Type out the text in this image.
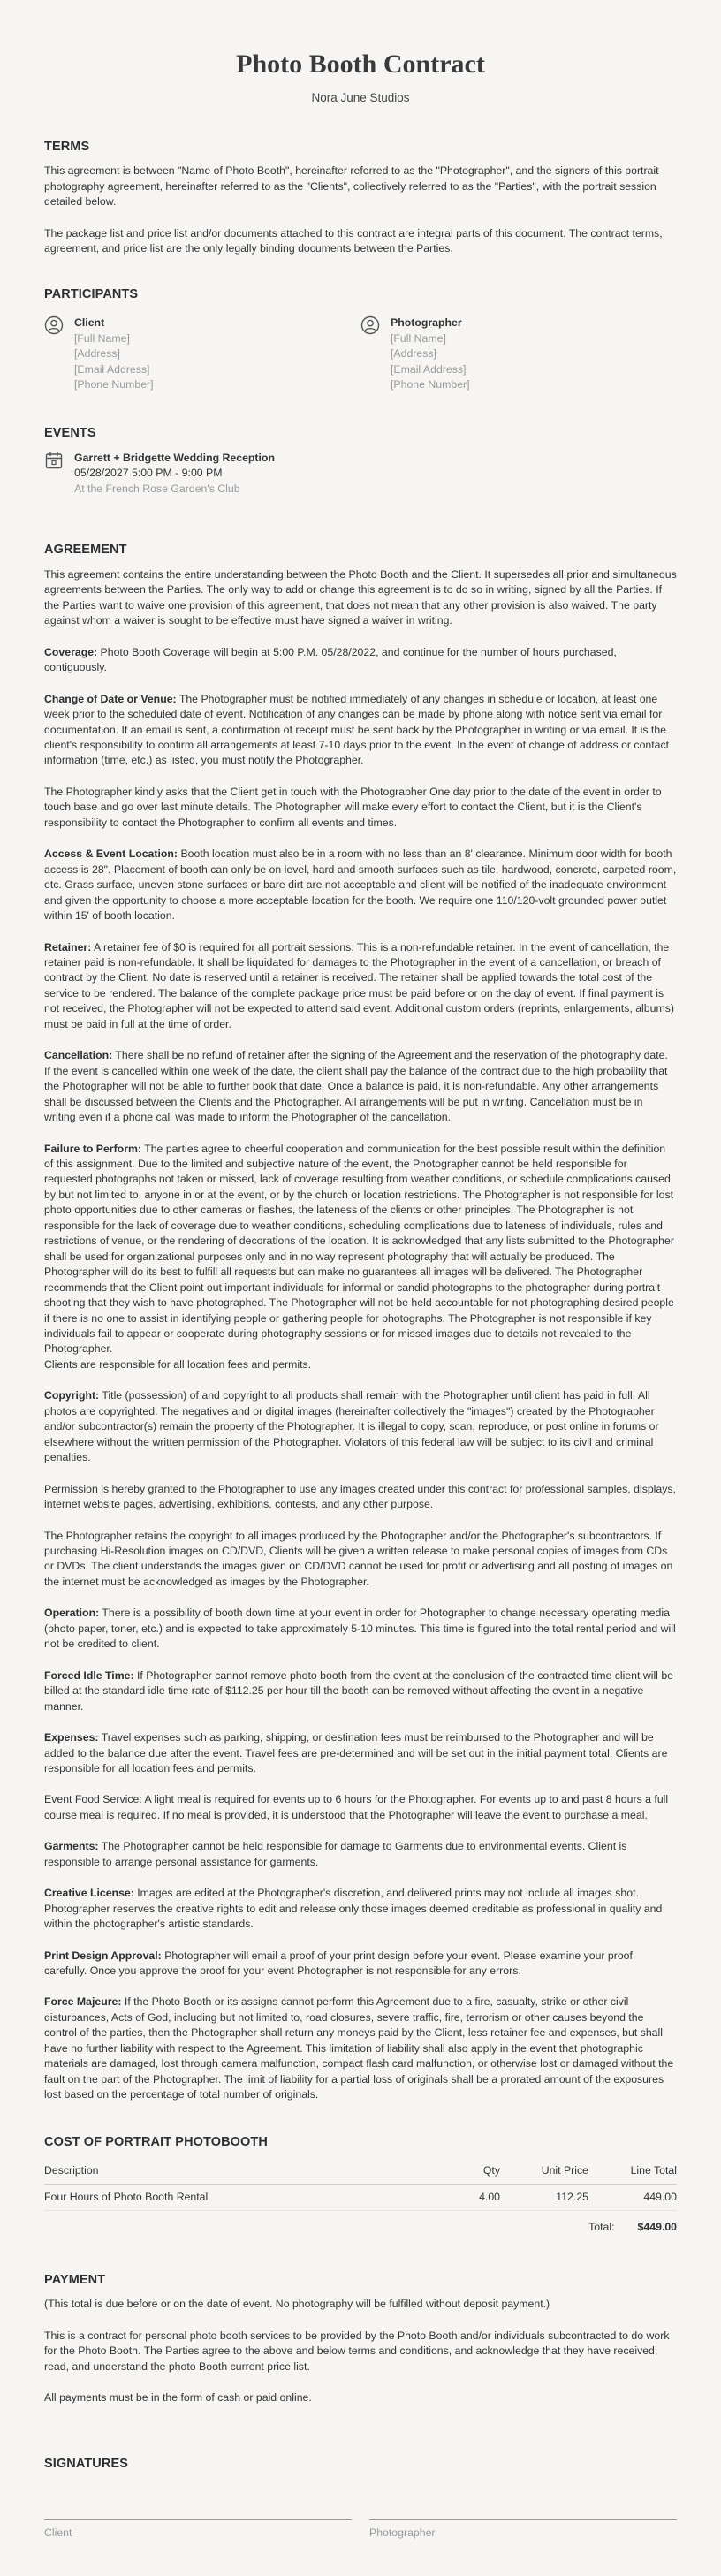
Photo Booth Contract
Nora June Studios
TERMS

This agreement is between "Name of Photo Booth", hereinafter referred to as the "Photographer", and the signers of this portrait photography agreement, hereinafter referred to as the "Clients", collectively referred to as the "Parties", with the portrait session detailed below.

The package list and price list and/or documents attached to this contract are integral parts of this document. The contract terms, agreement, and price list are the only legally binding documents between the Parties.

PARTICIPANTS
Client
[Full Name]
[Address]
[Email Address]
[Phone Number]
Photographer
[Full Name]
[Address]
[Email Address]
[Phone Number]
EVENTS
Garrett + Bridgette Wedding Reception
05/28/2027 5:00 PM - 9:00 PM
At the French Rose Garden's Club
AGREEMENT

This agreement contains the entire understanding between the Photo Booth and the Client. It supersedes all prior and simultaneous agreements between the Parties. The only way to add or change this agreement is to do so in writing, signed by all the Parties. If the Parties want to waive one provision of this agreement, that does not mean that any other provision is also waived. The party against whom a waiver is sought to be effective must have signed a waiver in writing.

Coverage: Photo Booth Coverage will begin at 5:00 P.M. 05/28/2022, and continue for the number of hours purchased, contiguously.

Change of Date or Venue: The Photographer must be notified immediately of any changes in schedule or location, at least one week prior to the scheduled date of event. Notification of any changes can be made by phone along with notice sent via email for documentation. If an email is sent, a confirmation of receipt must be sent back by the Photographer in writing or via email. It is the client's responsibility to confirm all arrangements at least 7-10 days prior to the event. In the event of change of address or contact information (time, etc.) as listed, you must notify the Photographer.

The Photographer kindly asks that the Client get in touch with the Photographer One day prior to the date of the event in order to touch base and go over last minute details. The Photographer will make every effort to contact the Client, but it is the Client's responsibility to contact the Photographer to confirm all events and times.

Access & Event Location: Booth location must also be in a room with no less than an 8' clearance. Minimum door width for booth access is 28". Placement of booth can only be on level, hard and smooth surfaces such as tile, hardwood, concrete, carpeted room, etc. Grass surface, uneven stone surfaces or bare dirt are not acceptable and client will be notified of the inadequate environment and given the opportunity to choose a more acceptable location for the booth. We require one 110/120-volt grounded power outlet within 15' of booth location.

Retainer: A retainer fee of $0 is required for all portrait sessions. This is a non-refundable retainer. In the event of cancellation, the retainer paid is non-refundable. It shall be liquidated for damages to the Photographer in the event of a cancellation, or breach of contract by the Client. No date is reserved until a retainer is received. The retainer shall be applied towards the total cost of the service to be rendered. The balance of the complete package price must be paid before or on the day of event. If final payment is not received, the Photographer will not be expected to attend said event. Additional custom orders (reprints, enlargements, albums) must be paid in full at the time of order.

Cancellation: There shall be no refund of retainer after the signing of the Agreement and the reservation of the photography date. If the event is cancelled within one week of the date, the client shall pay the balance of the contract due to the high probability that the Photographer will not be able to further book that date. Once a balance is paid, it is non-refundable. Any other arrangements shall be discussed between the Clients and the Photographer. All arrangements will be put in writing. Cancellation must be in writing even if a phone call was made to inform the Photographer of the cancellation.

Failure to Perform: The parties agree to cheerful cooperation and communication for the best possible result within the definition of this assignment. Due to the limited and subjective nature of the event, the Photographer cannot be held responsible for requested photographs not taken or missed, lack of coverage resulting from weather conditions, or schedule complications caused by but not limited to, anyone in or at the event, or by the church or location restrictions. The Photographer is not responsible for lost photo opportunities due to other cameras or flashes, the lateness of the clients or other principles. The Photographer is not responsible for the lack of coverage due to weather conditions, scheduling complications due to lateness of individuals, rules and restrictions of venue, or the rendering of decorations of the location. It is acknowledged that any lists submitted to the Photographer shall be used for organizational purposes only and in no way represent photography that will actually be produced. The Photographer will do its best to fulfill all requests but can make no guarantees all images will be delivered. The Photographer recommends that the Client point out important individuals for informal or candid photographs to the photographer during portrait shooting that they wish to have photographed. The Photographer will not be held accountable for not photographing desired people if there is no one to assist in identifying people or gathering people for photographs. The Photographer is not responsible if key individuals fail to appear or cooperate during photography sessions or for missed images due to details not revealed to the Photographer.
Clients are responsible for all location fees and permits.

Copyright: Title (possession) of and copyright to all products shall remain with the Photographer until client has paid in full. All photos are copyrighted. The negatives and or digital images (hereinafter collectively the "images") created by the Photographer and/or subcontractor(s) remain the property of the Photographer. It is illegal to copy, scan, reproduce, or post online in forums or elsewhere without the written permission of the Photographer. Violators of this federal law will be subject to its civil and criminal penalties.

Permission is hereby granted to the Photographer to use any images created under this contract for professional samples, displays, internet website pages, advertising, exhibitions, contests, and any other purpose.

The Photographer retains the copyright to all images produced by the Photographer and/or the Photographer's subcontractors. If purchasing Hi-Resolution images on CD/DVD, Clients will be given a written release to make personal copies of images from CDs or DVDs. The client understands the images given on CD/DVD cannot be used for profit or advertising and all posting of images on the internet must be acknowledged as images by the Photographer.

Operation: There is a possibility of booth down time at your event in order for Photographer to change necessary operating media (photo paper, toner, etc.) and is expected to take approximately 5-10 minutes. This time is figured into the total rental period and will not be credited to client.

Forced Idle Time: If Photographer cannot remove photo booth from the event at the conclusion of the contracted time client will be billed at the standard idle time rate of $112.25 per hour till the booth can be removed without affecting the event in a negative manner.

Expenses: Travel expenses such as parking, shipping, or destination fees must be reimbursed to the Photographer and will be added to the balance due after the event. Travel fees are pre-determined and will be set out in the initial payment total. Clients are responsible for all location fees and permits.

Event Food Service: A light meal is required for events up to 6 hours for the Photographer. For events up to and past 8 hours a full course meal is required. If no meal is provided, it is understood that the Photographer will leave the event to purchase a meal.

Garments: The Photographer cannot be held responsible for damage to Garments due to environmental events. Client is responsible to arrange personal assistance for garments.

Creative License: Images are edited at the Photographer's discretion, and delivered prints may not include all images shot. Photographer reserves the creative rights to edit and release only those images deemed creditable as professional in quality and within the photographer's artistic standards.

Print Design Approval: Photographer will email a proof of your print design before your event. Please examine your proof carefully. Once you approve the proof for your event Photographer is not responsible for any errors.

Force Majeure: If the Photo Booth or its assigns cannot perform this Agreement due to a fire, casualty, strike or other civil disturbances, Acts of God, including but not limited to, road closures, severe traffic, fire, terrorism or other causes beyond the control of the parties, then the Photographer shall return any moneys paid by the Client, less retainer fee and expenses, but shall have no further liability with respect to the Agreement. This limitation of liability shall also apply in the event that photographic materials are damaged, lost through camera malfunction, compact flash card malfunction, or otherwise lost or damaged without the fault on the part of the Photographer. The limit of liability for a partial loss of originals shall be a prorated amount of the exposures lost based on the percentage of total number of originals.

COST OF PORTRAIT PHOTOBOOTH
Description	Qty	Unit Price	Line Total
Four Hours of Photo Booth Rental	4.00	112.25	449.00
Total: $449.00
PAYMENT

(This total is due before or on the date of event. No photography will be fulfilled without deposit payment.)

This is a contract for personal photo booth services to be provided by the Photo Booth and/or individuals subcontracted to do work for the Photo Booth. The Parties agree to the above and below terms and conditions, and acknowledge that they have received, read, and understand the photo Booth current price list.

All payments must be in the form of cash or paid online.

SIGNATURES
Client	Photographer
